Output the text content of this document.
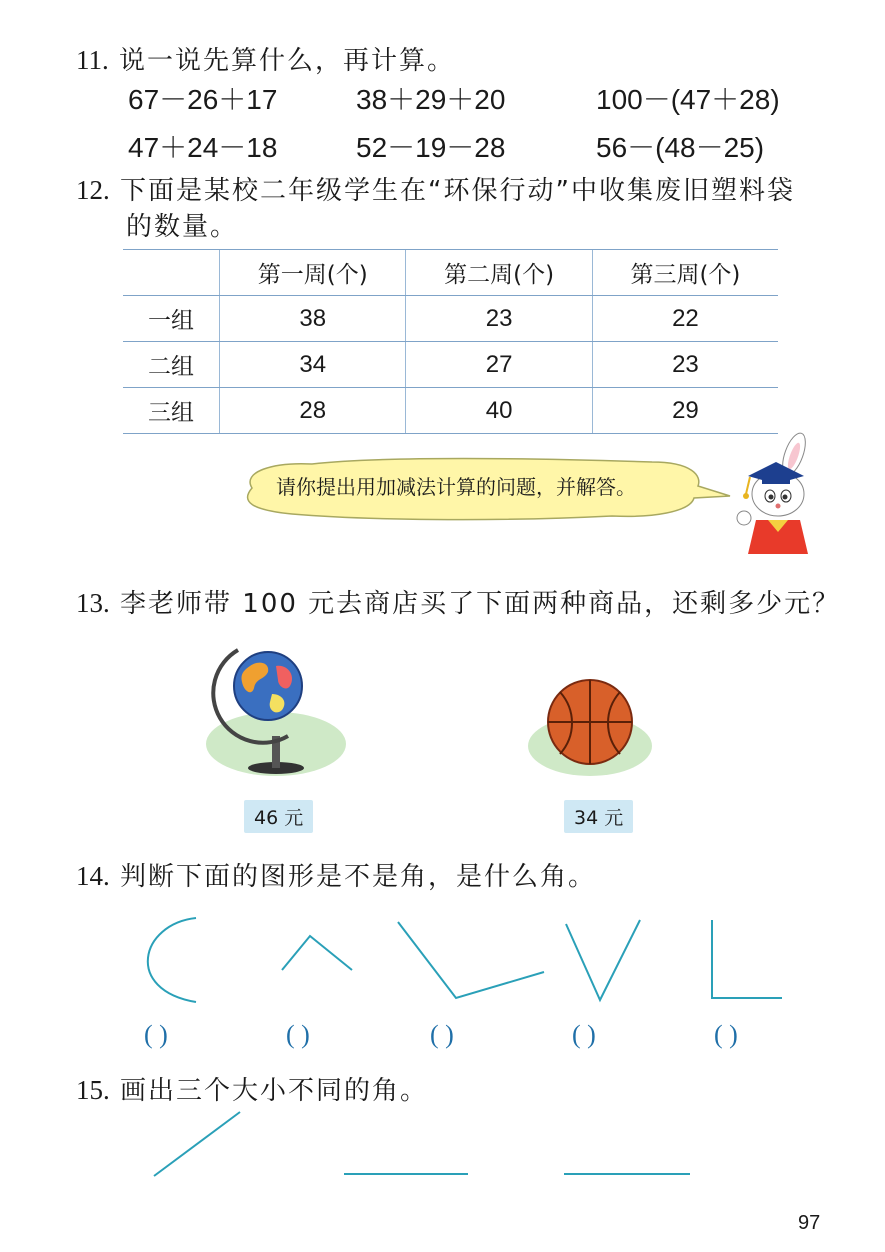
11. 说一说先算什么，再计算。
67－26＋17	38＋29＋20	100－(47＋28)
47＋24－18	52－19－28	56－(48－25)
12. 下面是某校二年级学生在“环保行动”中收集废旧塑料袋
的数量。
	第一周(个)	第二周(个)	第三周(个)
一组	38	23	22
二组	34	27	23
三组	28	40	29
请你提出用加减法计算的问题，并解答。
13. 李老师带 100 元去商店买了下面两种商品，还剩多少元？
46 元	34 元
14. 判断下面的图形是不是角，是什么角。
( )	( )	( )	( )	( )
15. 画出三个大小不同的角。
97
